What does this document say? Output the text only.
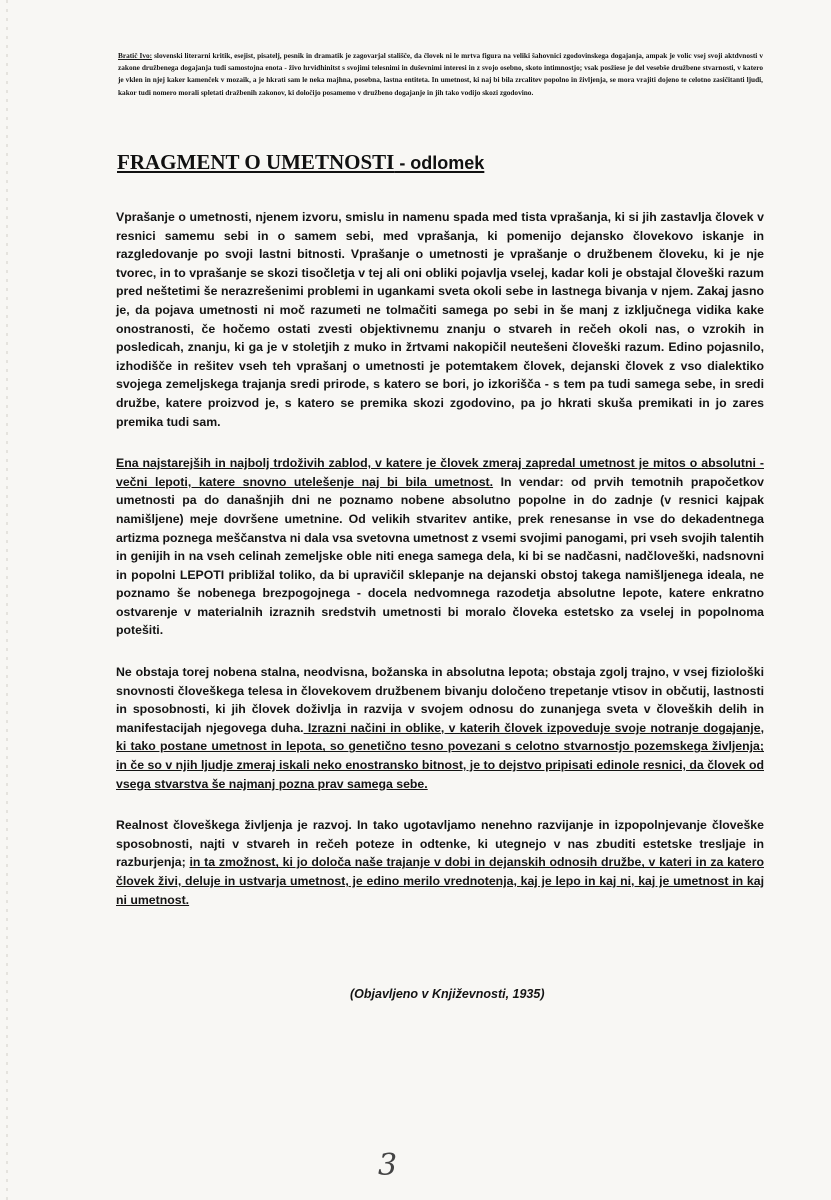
Bratič Ivo: slovenski literarni kritik, esejist, pisatelj, pesnik in dramatik je zagovarjal stališče, da človek ni le mrtva figura na veliki šahovnici zgodovinskega dogajanja, ampak je volic vsej svoji aktdvnosti v zakone družbenega dogajanja tudi samostojna enota - živo hrvidhinitst s svojimi telesnimi in duševnimi interesi in z svojo osebno, skoto intimnostjo; vsak posžiese je del vesebše družbene stvarnosti, v katero je vklen in njej kaker kamenček v mozaik, a je hkrati sam le neka majhna, posebna, lastna entiteta. In umetnost, ki naj bi bila zrcalitev popolno in življenja, se mora vrajiti dojeno te celotno zasičitanti ljudi, kakor tudi nomero morali spletati dražbenih zakonov, ki določijo posamemo v družbeno dogajanje in jih tako vodijo skozi zgodovino.
FRAGMENT O UMETNOSTI - odlomek

Vprašanje o umetnosti, njenem izvoru, smislu in namenu spada med tista vprašanja, ki si jih zastavlja človek v resnici samemu sebi in o samem sebi, med vprašanja, ki pomenijo dejansko človekovo iskanje in razgledovanje po svoji lastni bitnosti. Vprašanje o umetnosti je vprašanje o družbenem človeku, ki je nje tvorec, in to vprašanje se skozi tisočletja v tej ali oni obliki pojavlja vselej, kadar koli je obstajal človeški razum pred neštetimi še nerazrešenimi problemi in ugankami sveta okoli sebe in lastnega bivanja v njem. Zakaj jasno je, da pojava umetnosti ni moč razumeti ne tolmačiti samega po sebi in še manj z izključnega vidika kake onostranosti, če hočemo ostati zvesti objektivnemu znanju o stvareh in rečeh okoli nas, o vzrokih in posledicah, znanju, ki ga je v stoletjih z muko in žrtvami nakopičil neutešeni človeški razum. Edino pojasnilo, izhodišče in rešitev vseh teh vprašanj o umetnosti je potemtakem človek, dejanski človek z vso dialektiko svojega zemeljskega trajanja sredi prirode, s katero se bori, jo izkorišča - s tem pa tudi samega sebe, in sredi družbe, katere proizvod je, s katero se premika skozi zgodovino, pa jo hkrati skuša premikati in jo zares premika tudi sam.

Ena najstarejših in najbolj trdoživih zablod, v katere je človek zmeraj zapredal umetnost je mitos o absolutni - večni lepoti, katere snovno utelešenje naj bi bila umetnost. In vendar: od prvih temotnih prapočetkov umetnosti pa do današnjih dni ne poznamo nobene absolutno popolne in do zadnje (v resnici kajpak namišljene) meje dovršene umetnine. Od velikih stvaritev antike, prek renesanse in vse do dekadentnega artizma poznega meščanstva ni dala vsa svetovna umetnost z vsemi svojimi panogami, pri vseh svojih talentih in genijih in na vseh celinah zemeljske oble niti enega samega dela, ki bi se nadčasni, nadčloveški, nadsnovni in popolni LEPOTI približal toliko, da bi upravičil sklepanje na dejanski obstoj takega namišljenega ideala, ne poznamo še nobenega brezpogojnega - docela nedvomnega razodetja absolutne lepote, katere enkratno ostvarenje v materialnih izraznih sredstvih umetnosti bi moralo človeka estetsko za vselej in popolnoma potešiti.

Ne obstaja torej nobena stalna, neodvisna, božanska in absolutna lepota; obstaja zgolj trajno, v vsej fiziološki snovnosti človeškega telesa in človekovem družbenem bivanju določeno trepetanje vtisov in občutij, lastnosti in sposobnosti, ki jih človek doživlja in razvija v svojem odnosu do zunanjega sveta v človeških delih in manifestacijah njegovega duha. Izrazni načini in oblike, v katerih človek izpoveduje svoje notranje dogajanje, ki tako postane umetnost in lepota, so genetično tesno povezani s celotno stvarnostjo pozemskega življenja; in če so v njih ljudje zmeraj iskali neko enostransko bitnost, je to dejstvo pripisati edinole resnici, da človek od vsega stvarstva še najmanj pozna prav samega sebe.

Realnost človeškega življenja je razvoj. In tako ugotavljamo nenehno razvijanje in izpopolnjevanje človeške sposobnosti, najti v stvareh in rečeh poteze in odtenke, ki utegnejo v nas zbuditi estetske tresljaje in razburjenja; in ta zmožnost, ki jo določa naše trajanje v dobi in dejanskih odnosih družbe, v kateri in za katero človek živi, deluje in ustvarja umetnost, je edino merilo vrednotenja, kaj je lepo in kaj ni, kaj je umetnost in kaj ni umetnost.

(Objavljeno v Književnosti, 1935)
3
